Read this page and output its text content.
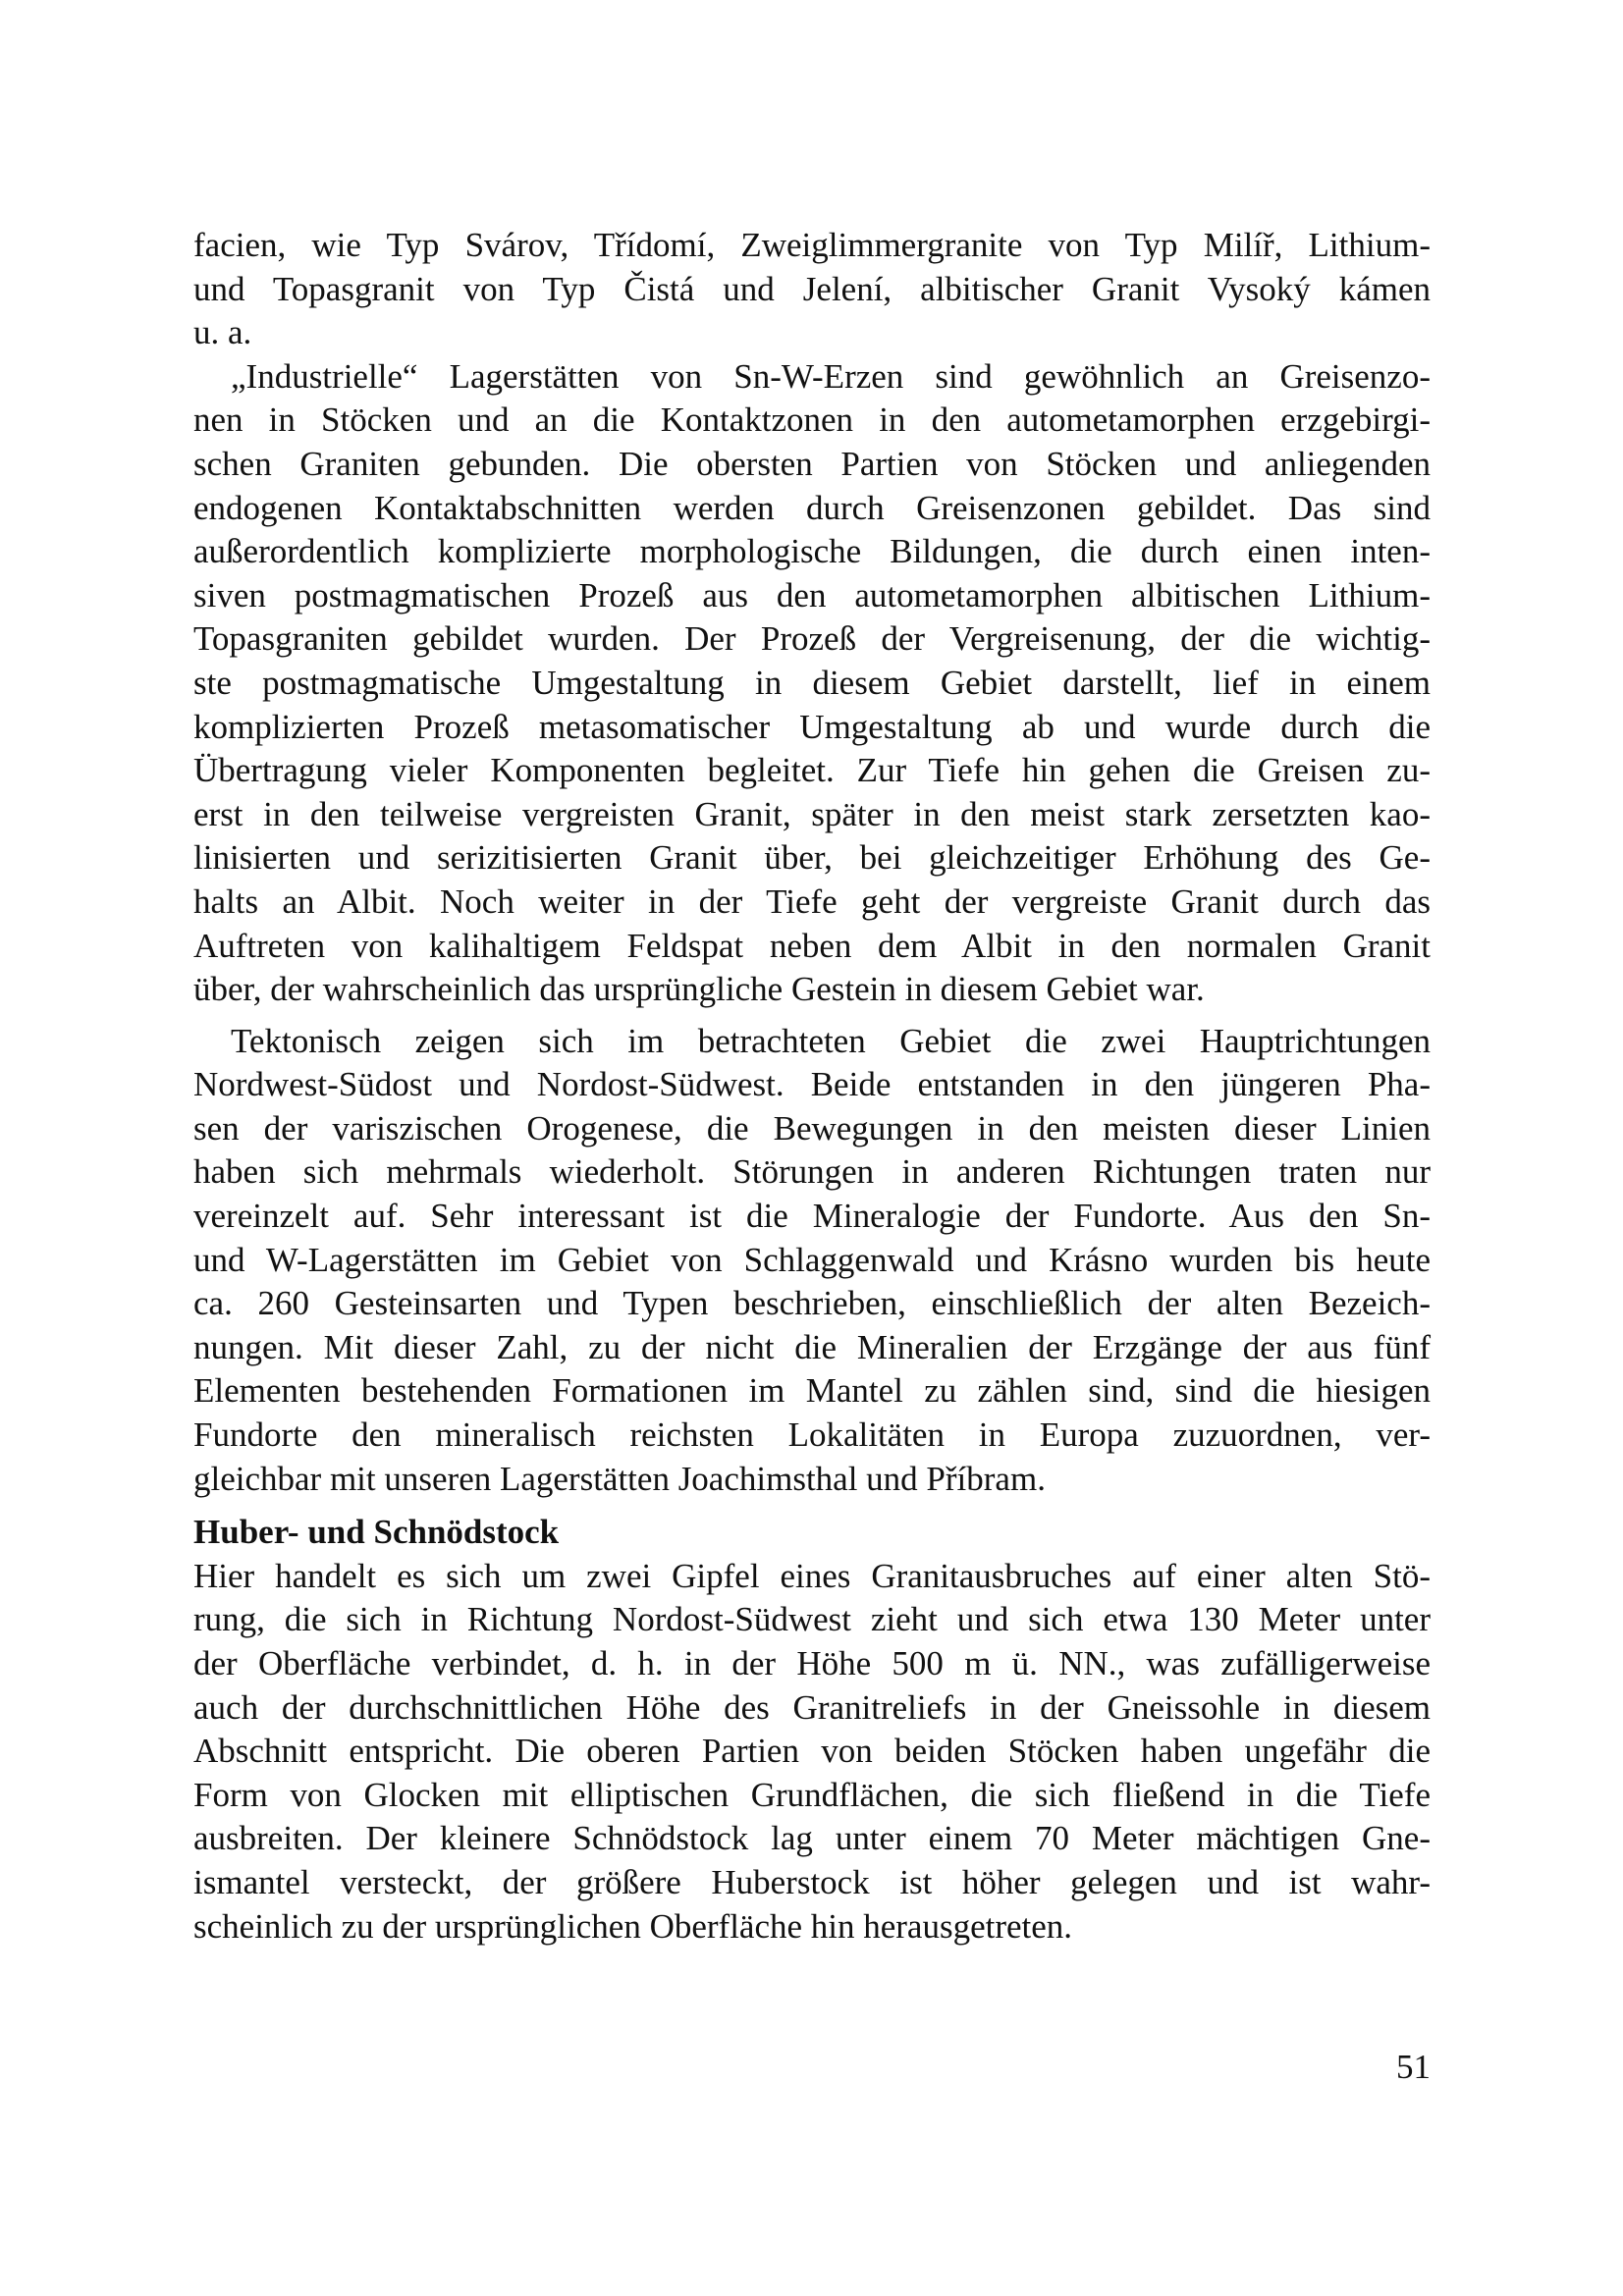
facien, wie Typ Svárov, Třídomí, Zweiglimmergranite von Typ Milíř, Lithium-
und Topasgranit von Typ Čistá und Jelení, albitischer Granit Vysoký kámen
u. a.
„Industrielle“ Lagerstätten von Sn-W-Erzen sind gewöhnlich an Greisenzo-
nen in Stöcken und an die Kontaktzonen in den autometamorphen erzgebirgi-
schen Graniten gebunden. Die obersten Partien von Stöcken und anliegenden
endogenen Kontaktabschnitten werden durch Greisenzonen gebildet. Das sind
außerordentlich komplizierte morphologische Bildungen, die durch einen inten-
siven postmagmatischen Prozeß aus den autometamorphen albitischen Lithium-
Topasgraniten gebildet wurden. Der Prozeß der Vergreisenung, der die wichtig-
ste postmagmatische Umgestaltung in diesem Gebiet darstellt, lief in einem
komplizierten Prozeß metasomatischer Umgestaltung ab und wurde durch die
Übertragung vieler Komponenten begleitet. Zur Tiefe hin gehen die Greisen zu-
erst in den teilweise vergreisten Granit, später in den meist stark zersetzten kao-
linisierten und serizitisierten Granit über, bei gleichzeitiger Erhöhung des Ge-
halts an Albit. Noch weiter in der Tiefe geht der vergreiste Granit durch das
Auftreten von kalihaltigem Feldspat neben dem Albit in den normalen Granit
über, der wahrscheinlich das ursprüngliche Gestein in diesem Gebiet war.
Tektonisch zeigen sich im betrachteten Gebiet die zwei Hauptrichtungen
Nordwest-Südost und Nordost-Südwest. Beide entstanden in den jüngeren Pha-
sen der variszischen Orogenese, die Bewegungen in den meisten dieser Linien
haben sich mehrmals wiederholt. Störungen in anderen Richtungen traten nur
vereinzelt auf. Sehr interessant ist die Mineralogie der Fundorte. Aus den Sn-
und W-Lagerstätten im Gebiet von Schlaggenwald und Krásno wurden bis heute
ca. 260 Gesteinsarten und Typen beschrieben, einschließlich der alten Bezeich-
nungen. Mit dieser Zahl, zu der nicht die Mineralien der Erzgänge der aus fünf
Elementen bestehenden Formationen im Mantel zu zählen sind, sind die hiesigen
Fundorte den mineralisch reichsten Lokalitäten in Europa zuzuordnen, ver-
gleichbar mit unseren Lagerstätten Joachimsthal und Příbram.
Huber- und Schnödstock
Hier handelt es sich um zwei Gipfel eines Granitausbruches auf einer alten Stö-
rung, die sich in Richtung Nordost-Südwest zieht und sich etwa 130 Meter unter
der Oberfläche verbindet, d. h. in der Höhe 500 m ü. NN., was zufälligerweise
auch der durchschnittlichen Höhe des Granitreliefs in der Gneissohle in diesem
Abschnitt entspricht. Die oberen Partien von beiden Stöcken haben ungefähr die
Form von Glocken mit elliptischen Grundflächen, die sich fließend in die Tiefe
ausbreiten. Der kleinere Schnödstock lag unter einem 70 Meter mächtigen Gne-
ismantel versteckt, der größere Huberstock ist höher gelegen und ist wahr-
scheinlich zu der ursprünglichen Oberfläche hin herausgetreten.
51
